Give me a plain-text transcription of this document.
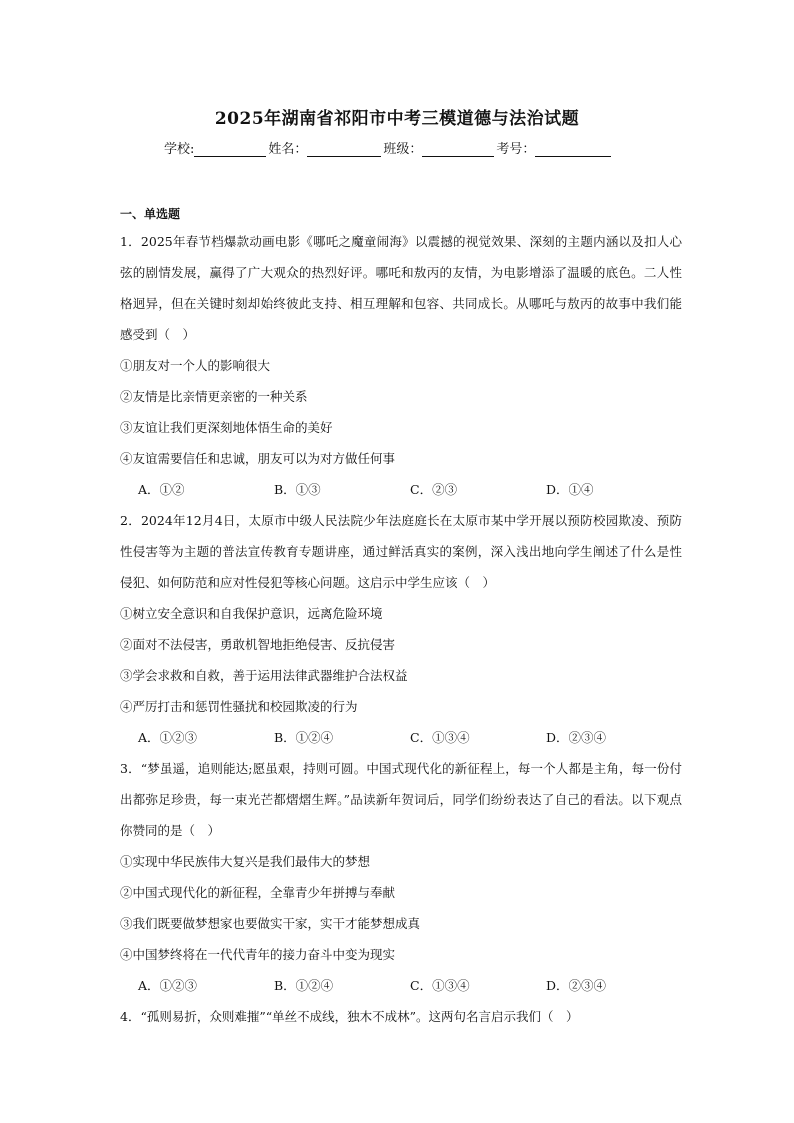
2025年湖南省祁阳市中考三模道德与法治试题
学校:	姓名：	班级：	考号：
一、单选题

1．2025年春节档爆款动画电影《哪吒之魔童闹海》以震撼的视觉效果、深刻的主题内涵以及扣人心弦的剧情发展，赢得了广大观众的热烈好评。哪吒和敖丙的友情，为电影增添了温暖的底色。二人性格迥异，但在关键时刻却始终彼此支持、相互理解和包容、共同成长。从哪吒与敖丙的故事中我们能感受到（　）

①朋友对一个人的影响很大

②友情是比亲情更亲密的一种关系

③友谊让我们更深刻地体悟生命的美好

④友谊需要信任和忠诚，朋友可以为对方做任何事

A．①②	B．①③	C．②③	D．①④

2．2024年12月4日，太原市中级人民法院少年法庭庭长在太原市某中学开展以预防校园欺凌、预防性侵害等为主题的普法宣传教育专题讲座，通过鲜活真实的案例，深入浅出地向学生阐述了什么是性侵犯、如何防范和应对性侵犯等核心问题。这启示中学生应该（　）

①树立安全意识和自我保护意识，远离危险环境

②面对不法侵害，勇敢机智地拒绝侵害、反抗侵害

③学会求救和自救，善于运用法律武器维护合法权益

④严厉打击和惩罚性骚扰和校园欺凌的行为

A．①②③	B．①②④	C．①③④	D．②③④

3．“梦虽遥，追则能达;愿虽艰，持则可圆。中国式现代化的新征程上，每一个人都是主角，每一份付出都弥足珍贵，每一束光芒都熠熠生辉。”品读新年贺词后，同学们纷纷表达了自己的看法。以下观点你赞同的是（　）

①实现中华民族伟大复兴是我们最伟大的梦想

②中国式现代化的新征程，全靠青少年拼搏与奉献

③我们既要做梦想家也要做实干家，实干才能梦想成真

④中国梦终将在一代代青年的接力奋斗中变为现实

A．①②③	B．①②④	C．①③④	D．②③④

4．“孤则易折，众则难摧”“单丝不成线，独木不成林”。这两句名言启示我们（　）
